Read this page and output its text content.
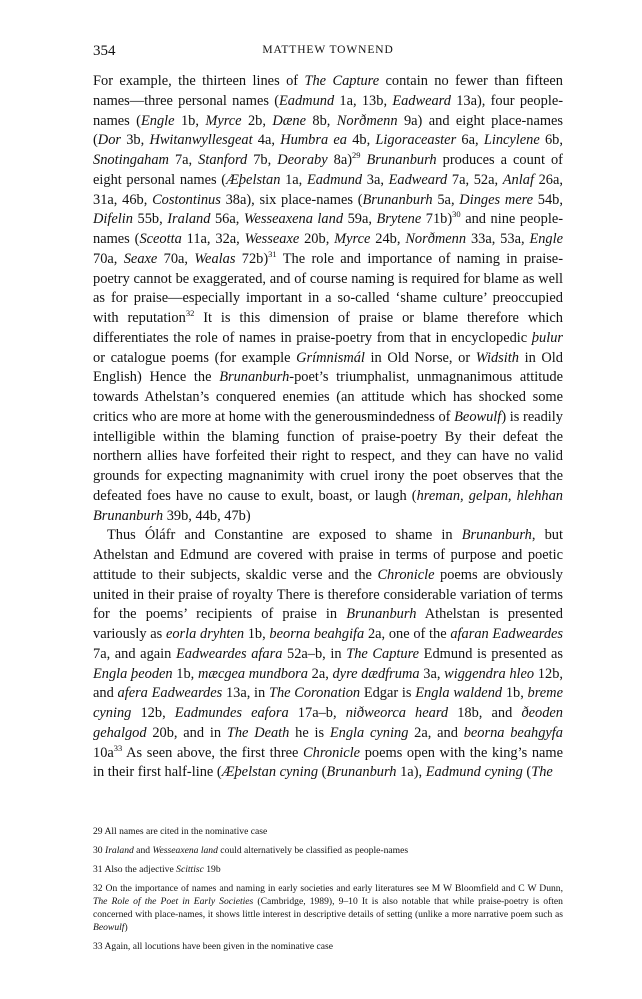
354	MATTHEW TOWNEND

For example, the thirteen lines of The Capture contain no fewer than fifteen names—three personal names (Eadmund 1a, 13b, Eadweard 13a), four people-names (Engle 1b, Myrce 2b, Dæne 8b, Norðmenn 9a) and eight place-names (Dor 3b, Hwitanwyllesgeat 4a, Humbra ea 4b, Ligoraceaster 6a, Lincylene 6b, Snotingaham 7a, Stanford 7b, Deoraby 8a)$^{29}$ Brunanburh produces a count of eight personal names (Æþelstan 1a, Eadmund 3a, Eadweard 7a, 52a, Anlaf 26a, 31a, 46b, Costontinus 38a), six place-names (Brunanburh 5a, Dinges mere 54b, Difelin 55b, Iraland 56a, Wesseaxena land 59a, Brytene 71b)$^{30}$ and nine people-names (Sceotta 11a, 32a, Wesseaxe 20b, Myrce 24b, Norðmenn 33a, 53a, Engle 70a, Seaxe 70a, Wealas 72b)$^{31}$ The role and importance of naming in praise-poetry cannot be exaggerated, and of course naming is required for blame as well as for praise—especially important in a so-called ‘shame culture’ preoccupied with reputation$^{32}$ It is this dimension of praise or blame therefore which differentiates the role of names in praise-poetry from that in encyclopedic þulur or catalogue poems (for example Grímnismál in Old Norse, or Widsith in Old English) Hence the Brunanburh-poet’s triumphalist, unmagnanimous attitude towards Athelstan’s conquered enemies (an attitude which has shocked some critics who are more at home with the generousmindedness of Beowulf) is readily intelligible within the blaming function of praise-poetry By their defeat the northern allies have forfeited their right to respect, and they can have no valid grounds for expecting magnanimity with cruel irony the poet observes that the defeated foes have no cause to exult, boast, or laugh (hreman, gelpan, hlehhan Brunanburh 39b, 44b, 47b)

Thus Óláfr and Constantine are exposed to shame in Brunanburh, but Athelstan and Edmund are covered with praise in terms of purpose and poetic attitude to their subjects, skaldic verse and the Chronicle poems are obviously united in their praise of royalty There is therefore considerable variation of terms for the poems’ recipients of praise in Brunanburh Athelstan is presented variously as eorla dryhten 1b, beorna beahgifa 2a, one of the afaran Eadweardes 7a, and again Eadweardes afara 52a–b, in The Capture Edmund is presented as Engla þeoden 1b, mæcgea mundbora 2a, dyre dædfruma 3a, wiggendra hleo 12b, and afera Eadweardes 13a, in The Coronation Edgar is Engla waldend 1b, breme cyning 12b, Eadmundes eafora 17a–b, niðweorca heard 18b, and ðeoden gehalgod 20b, and in The Death he is Engla cyning 2a, and beorna beahgyfa $10a^{33}$ As seen above, the first three Chronicle poems open with the king’s name in their first half-line (Æþelstan cyning (Brunanburh 1a), Eadmund cyning (The

29 All names are cited in the nominative case

30 Iraland and Wesseaxena land could alternatively be classified as people-names

31 Also the adjective Scittisc 19b

32 On the importance of names and naming in early societies and early literatures see M W Bloomfield and C W Dunn, The Role of the Poet in Early Societies (Cambridge, 1989), 9–10 It is also notable that while praise-poetry is often concerned with place-names, it shows little interest in descriptive details of setting (unlike a more narrative poem such as Beowulf)

33 Again, all locutions have been given in the nominative case
